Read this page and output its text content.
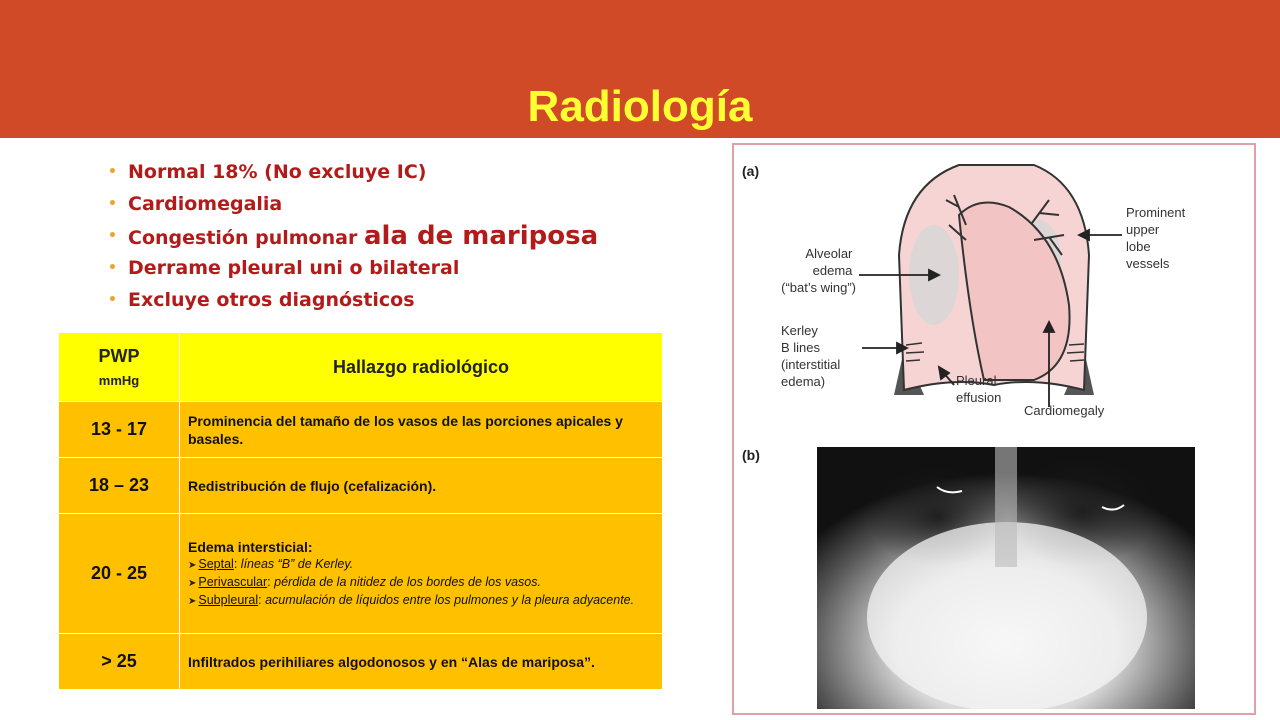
Radiología
• Normal 18% (No excluye IC)
• Cardiomegalia
• Congestión pulmonar ala de mariposa
• Derrame pleural uni o bilateral
• Excluye otros diagnósticos
PWP
mmHg	Hallazgo radiológico
13 - 17	Prominencia del tamaño de los vasos de las porciones apicales y basales.
18 – 23	Redistribución de flujo (cefalización).
20 - 25	Edema intersticial:
➤ Septal: líneas “B” de Kerley.
➤ Perivascular: pérdida de la nitidez de los bordes de los vasos.
➤ Subpleural: acumulación de líquidos entre los pulmones y la pleura adyacente.

> 25	Infiltrados perihiliares algodonosos y en “Alas de mariposa”.
(a)
(b)
Prominent upper lobe vessels
Alveolar edema (“bat’s wing”)
Kerley B lines (interstitial edema)	Pleural effusion
Cardiomegaly
